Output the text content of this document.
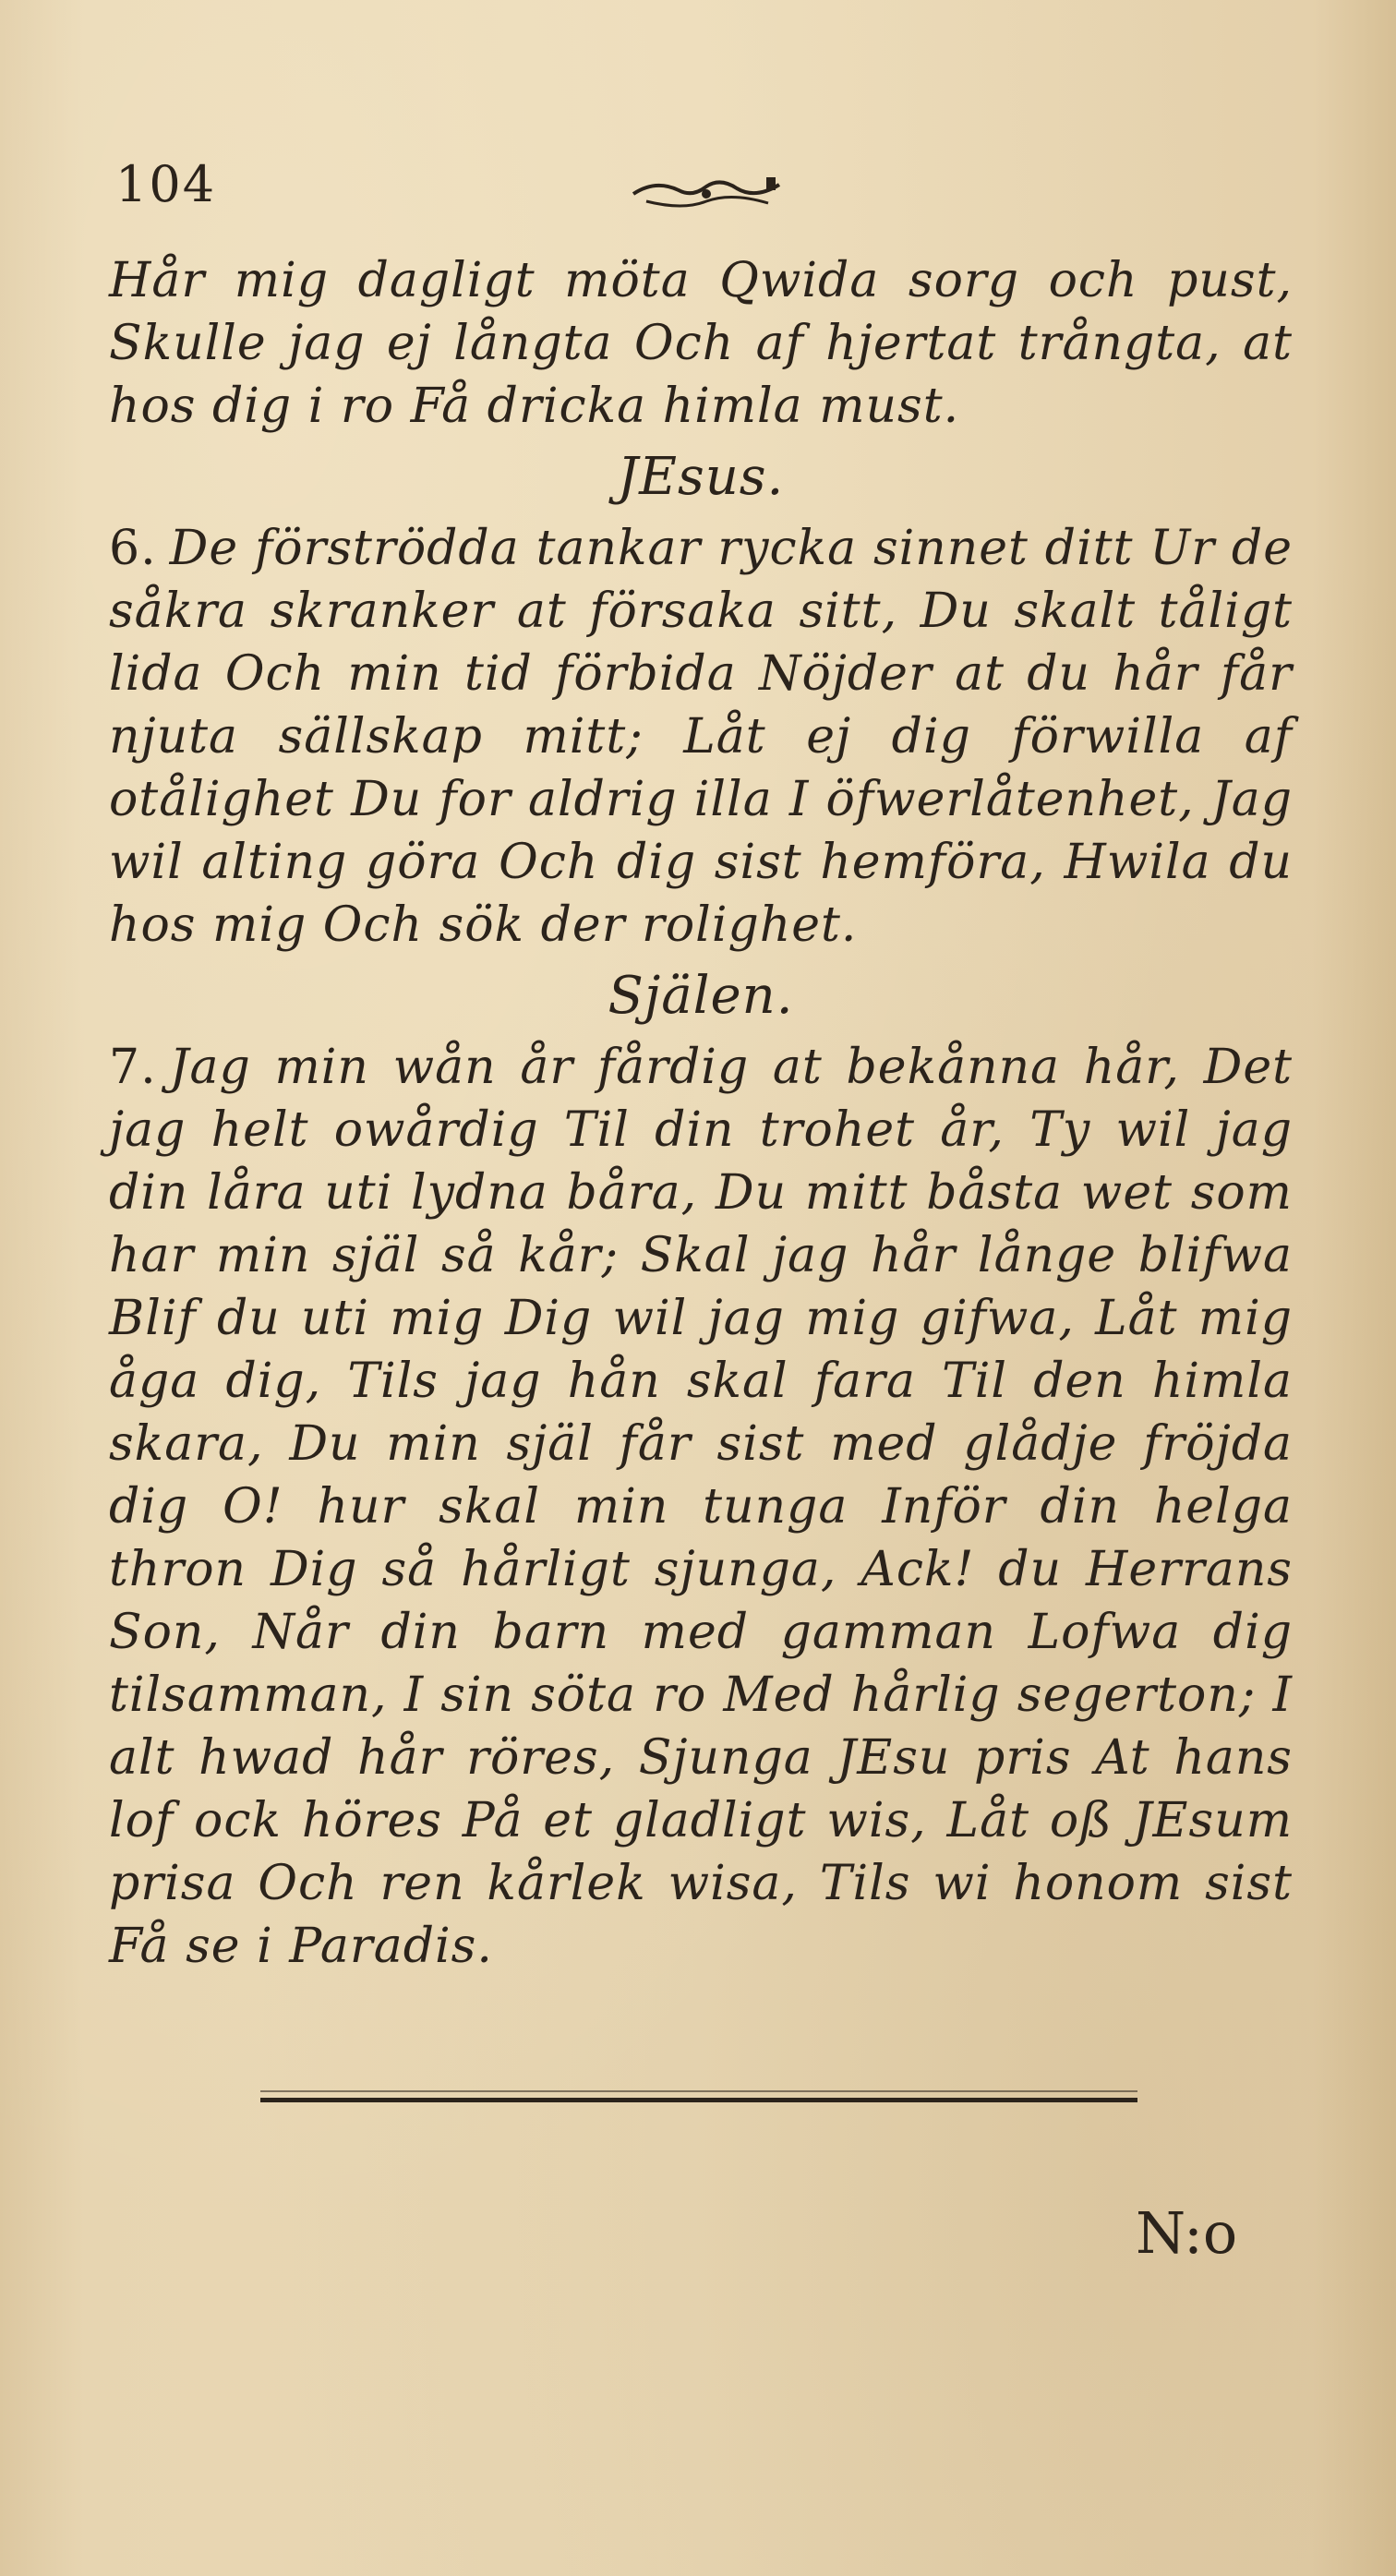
104

Hår mig dagligt möta Qwida sorg och pust, Skulle jag ej långta Och af hjertat trångta, at hos dig i ro Få dricka himla must.

JEsus.

6. De förströdda tankar rycka sinnet ditt Ur de såkra skranker at försaka sitt, Du skalt tåligt lida Och min tid förbida Nöjder at du hår får njuta sällskap mitt; Låt ej dig förwilla af otålighet Du for aldrig illa I öfwerlåtenhet, Jag wil alting göra Och dig sist hemföra, Hwila du hos mig Och sök der rolighet.

Själen.

7. Jag min wån år fårdig at bekånna hår, Det jag helt owårdig Til din trohet år, Ty wil jag din låra uti lydna båra, Du mitt båsta wet som har min själ så kår; Skal jag hår långe blifwa Blif du uti mig Dig wil jag mig gifwa, Låt mig åga dig, Tils jag hån skal fara Til den himla skara, Du min själ får sist med glådje fröjda dig O! hur skal min tunga Inför din helga thron Dig så hårligt sjunga, Ack! du Herrans Son, Når din barn med gamman Lofwa dig tilsamman, I sin söta ro Med hårlig segerton; I alt hwad hår röres, Sjunga JEsu pris At hans lof ock höres På et gladligt wis, Låt oß JEsum prisa Och ren kårlek wisa, Tils wi honom sist Få se i Paradis.

N:o
